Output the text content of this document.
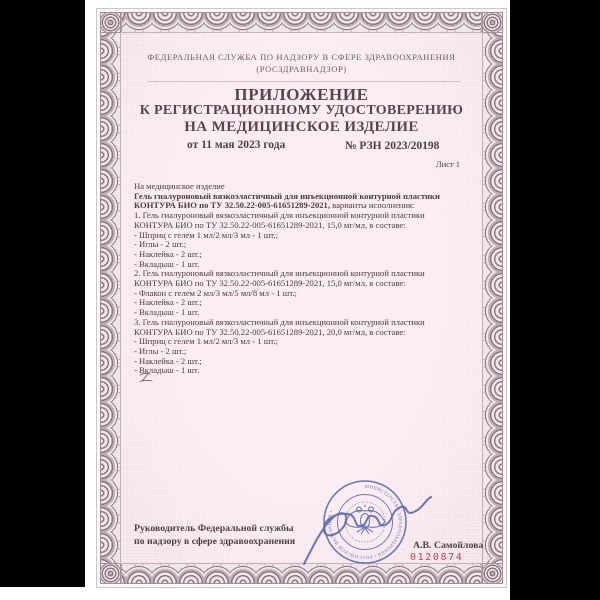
ФЕДЕРАЛЬНАЯ СЛУЖБА ПО НАДЗОРУ В СФЕРЕ ЗДРАВООХРАНЕНИЯ
(РОСЗДРАВНАДЗОР)
ПРИЛОЖЕНИЕ
К РЕГИСТРАЦИОННОМУ УДОСТОВЕРЕНИЮ
НА МЕДИЦИНСКОЕ ИЗДЕЛИЕ
от 11 мая 2023 года	№ РЗН 2023/20198
Лист 1
На медицинское изделие
Гель гиалуроновый вязкоэластичный для инъекционной контурной пластики
КОНТУРА БИО по ТУ 32.50.22-005-61651289-2021, варианты исполнения:
1. Гель гиалуроновый вязкоэластичный для инъекционной контурной пластики
КОНТУРА БИО по ТУ 32.50.22-005-61651289-2021, 15,0 мг/мл, в составе:
- Шприц с гелем 1 мл/2 мл/3 мл - 1 шт.;
- Иглы - 2 шт.;
- Наклейка - 2 шт.;
- Вкладыш - 1 шт.
2. Гель гиалуроновый вязкоэластичный для инъекционной контурной пластики
КОНТУРА БИО по ТУ 32.50.22-005-61651289-2021, 15,0 мг/мл, в составе:
- Флакон с гелем 2 мл/3 мл/5 мл/8 мл - 1 шт.;
- Наклейка - 2 шт.;
- Вкладыш - 1 шт.
3. Гель гиалуроновый вязкоэластичный для инъекционной контурной пластики
КОНТУРА БИО по ТУ 32.50.22-005-61651289-2021, 20,0 мг/мл, в составе:
- Шприц с гелем 1 мл/2 мл/3 мл - 1 шт.;
- Иглы - 2 шт.;
- Наклейка - 2 шт.;
- Вкладыш - 1 шт.
Руководитель Федеральной службы
по надзору в сфере здравоохранения	А.В. Самойлова
0120874
МИНИСТЕРСТВО ЗДРАВООХРАНЕНИЯ • РОССИЙСКОЙ ФЕДЕРАЦИИ •
